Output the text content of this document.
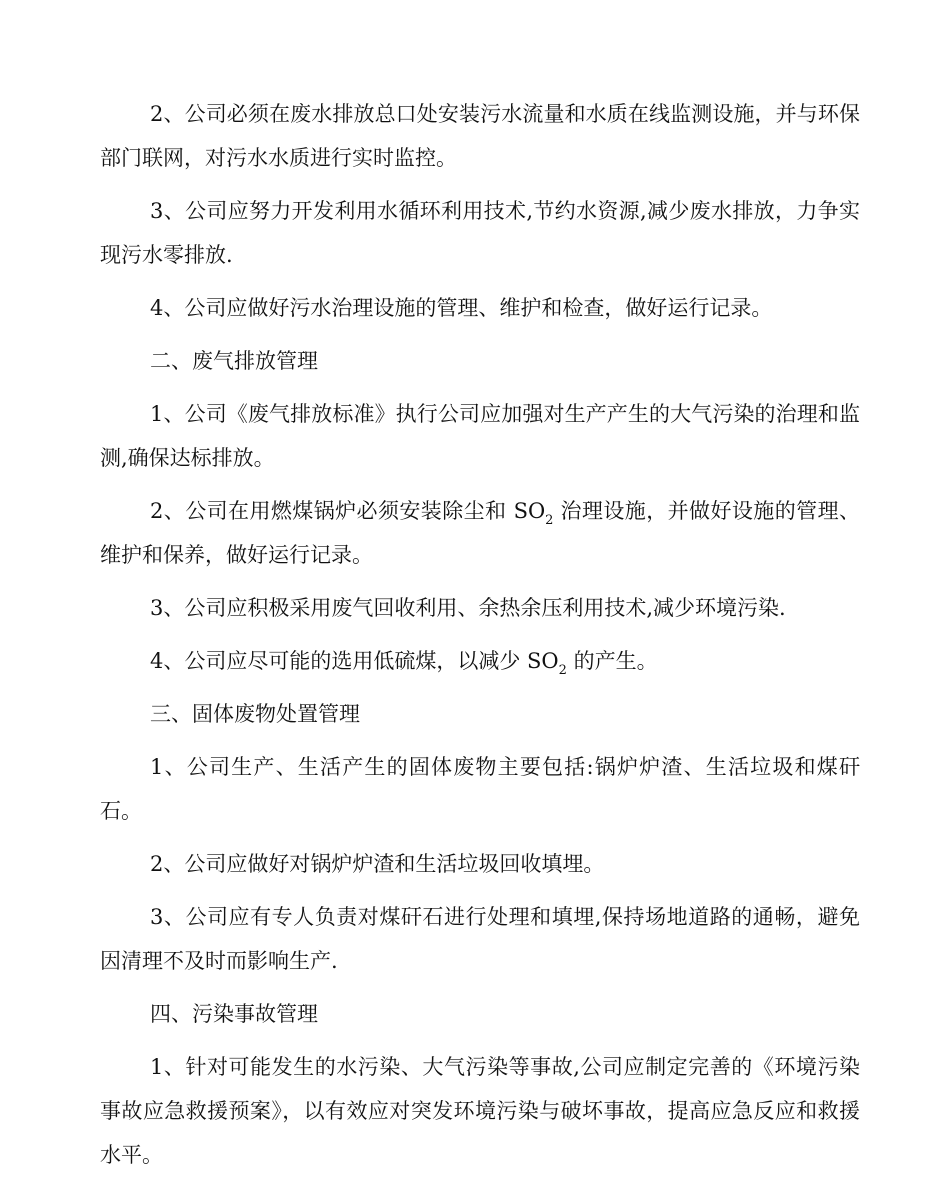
2、公司必须在废水排放总口处安装污水流量和水质在线监测设施，并与环保部门联网，对污水水质进行实时监控。

3、公司应努力开发利用水循环利用技术,节约水资源,减少废水排放，力争实现污水零排放.

4、公司应做好污水治理设施的管理、维护和检查，做好运行记录。

二、废气排放管理

1、公司《废气排放标准》执行公司应加强对生产产生的大气污染的治理和监测,确保达标排放。

2、公司在用燃煤锅炉必须安装除尘和 $SO_2$ 治理设施，并做好设施的管理、维护和保养，做好运行记录。

3、公司应积极采用废气回收利用、余热余压利用技术,减少环境污染.

4、公司应尽可能的选用低硫煤，以减少 $SO_2$ 的产生。

三、固体废物处置管理

1、公司生产、生活产生的固体废物主要包括:锅炉炉渣、生活垃圾和煤矸石。

2、公司应做好对锅炉炉渣和生活垃圾回收填埋。

3、公司应有专人负责对煤矸石进行处理和填埋,保持场地道路的通畅，避免因清理不及时而影响生产.

四、污染事故管理

1、针对可能发生的水污染、大气污染等事故,公司应制定完善的《环境污染事故应急救援预案》，以有效应对突发环境污染与破坏事故，提高应急反应和救援水平。
